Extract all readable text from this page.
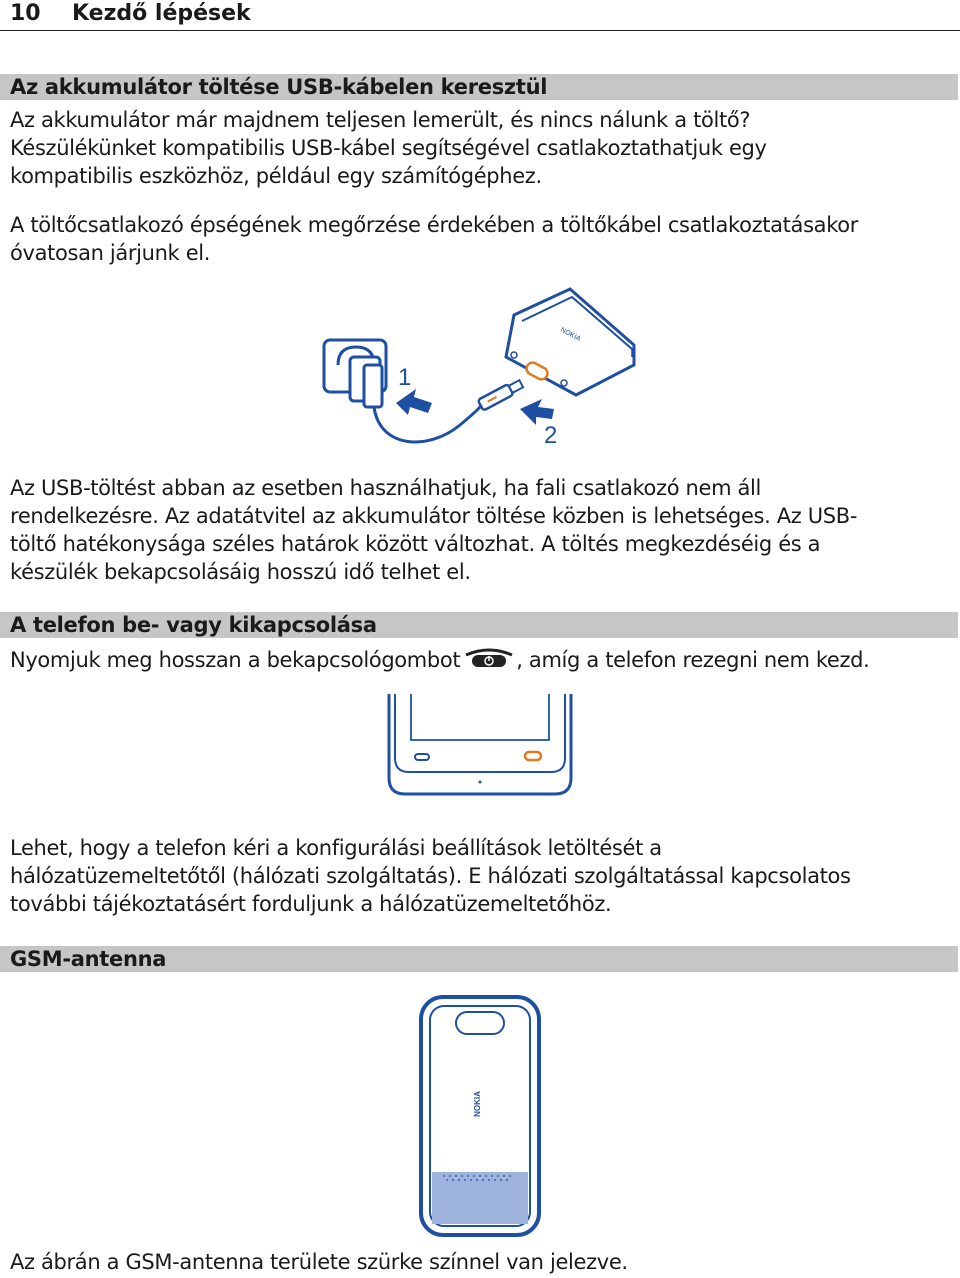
10 Kezdő lépések
Az akkumulátor töltése USB-kábelen keresztül

Az akkumulátor már majdnem teljesen lemerült, és nincs nálunk a töltő?
Készülékünket kompatibilis USB-kábel segítségével csatlakoztathatjuk egy
kompatibilis eszközhöz, például egy számítógéphez.

A töltőcsatlakozó épségének megőrzése érdekében a töltőkábel csatlakoztatásakor
óvatosan járjunk el.

1
2
NOKIA

Az USB-töltést abban az esetben használhatjuk, ha fali csatlakozó nem áll
rendelkezésre. Az adatátvitel az akkumulátor töltése közben is lehetséges. Az USB-
töltő hatékonysága széles határok között változhat. A töltés megkezdéséig és a
készülék bekapcsolásáig hosszú idő telhet el.

A telefon be- vagy kikapcsolása

Nyomjuk meg hosszan a bekapcsológombot	, amíg a telefon rezegni nem kezd.

Lehet, hogy a telefon kéri a konfigurálási beállítások letöltését a
hálózatüzemeltetőtől (hálózati szolgáltatás). E hálózati szolgáltatással kapcsolatos
további tájékoztatásért forduljunk a hálózatüzemeltetőhöz.

GSM-antenna
NOKIA

Az ábrán a GSM-antenna területe szürke színnel van jelezve.
